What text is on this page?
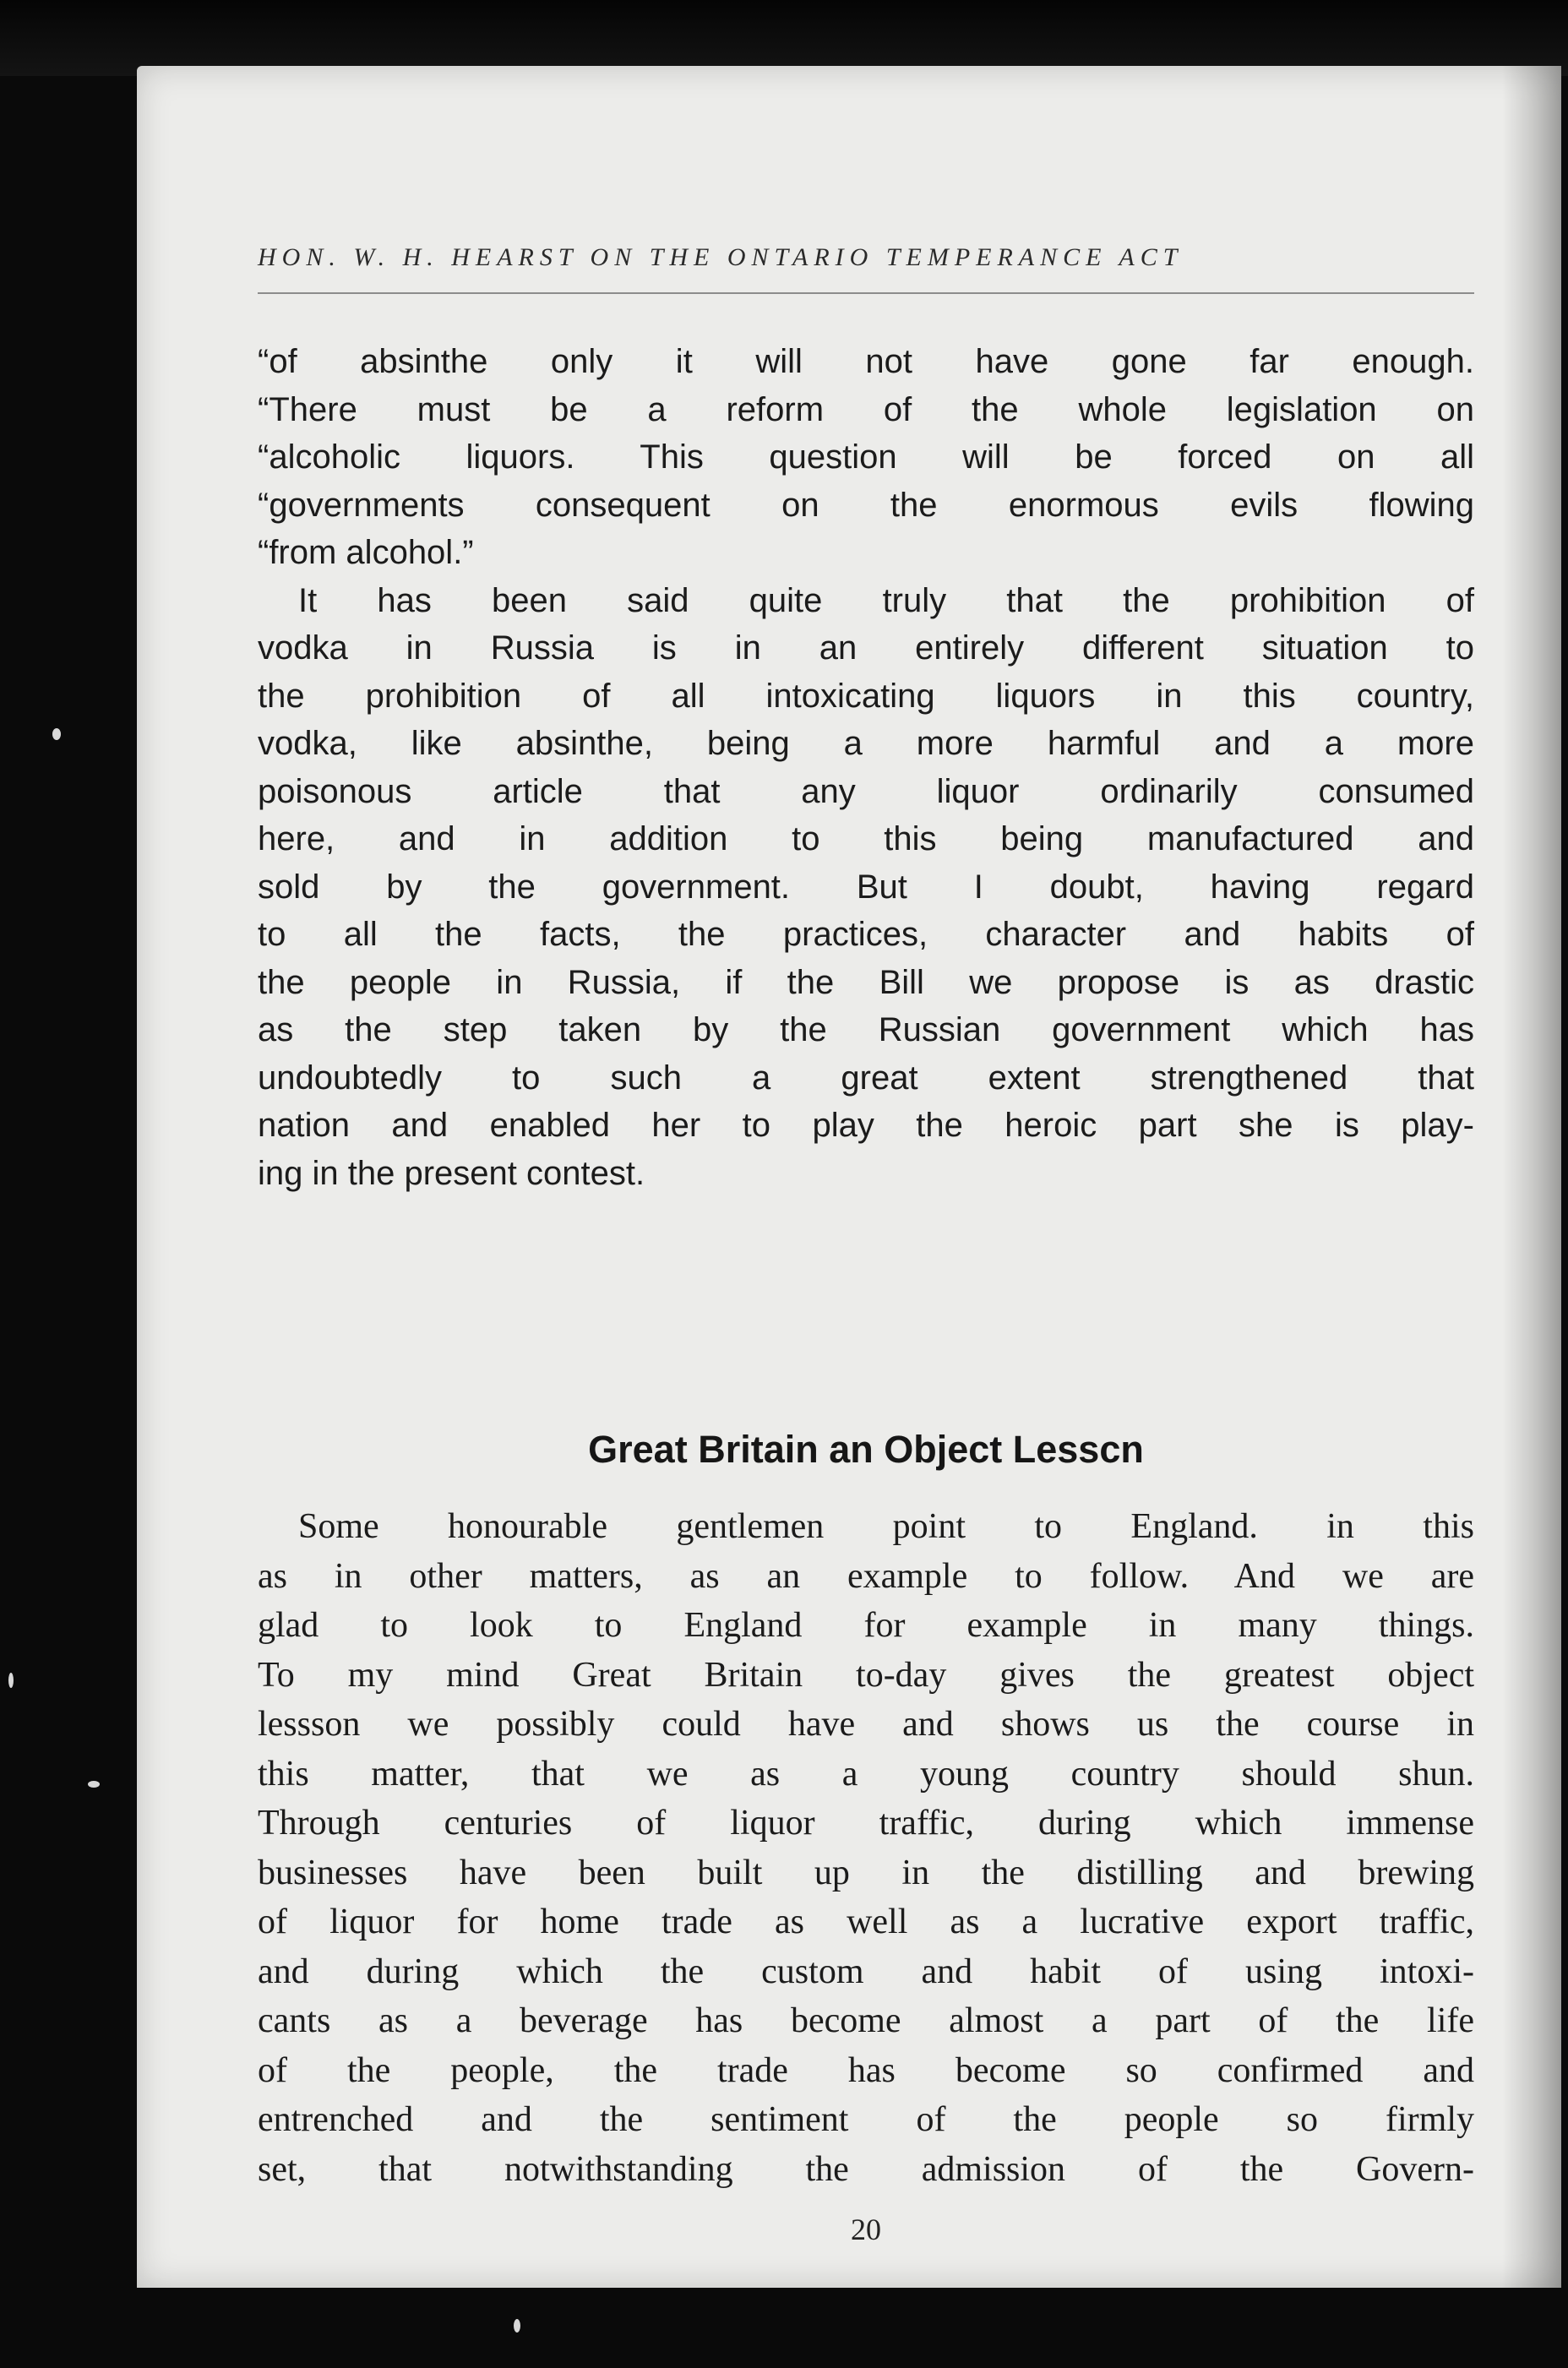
HON. W. H. HEARST ON THE ONTARIO TEMPERANCE ACT
“of absinthe only it will not have gone far enough.
“There must be a reform of the whole legislation on
“alcoholic liquors. This question will be forced on all
“governments consequent on the enormous evils flowing
“from alcohol.”
It has been said quite truly that the prohibition of
vodka in Russia is in an entirely different situation to
the prohibition of all intoxicating liquors in this country,
vodka, like absinthe, being a more harmful and a more
poisonous article that any liquor ordinarily consumed
here, and in addition to this being manufactured and
sold by the government. But I doubt, having regard
to all the facts, the practices, character and habits of
the people in Russia, if the Bill we propose is as drastic
as the step taken by the Russian government which has
undoubtedly to such a great extent strengthened that
nation and enabled her to play the heroic part she is play-
ing in the present contest.
Great Britain an Object Lesscn
Some honourable gentlemen point to England. in this
as in other matters, as an example to follow. And we are
glad to look to England for example in many things.
To my mind Great Britain to-day gives the greatest object
lessson we possibly could have and shows us the course in
this matter, that we as a young country should shun.
Through centuries of liquor traffic, during which immense
businesses have been built up in the distilling and brewing
of liquor for home trade as well as a lucrative export traffic,
and during which the custom and habit of using intoxi-
cants as a beverage has become almost a part of the life
of the people, the trade has become so confirmed and
entrenched and the sentiment of the people so firmly
set, that notwithstanding the admission of the Govern-
20
